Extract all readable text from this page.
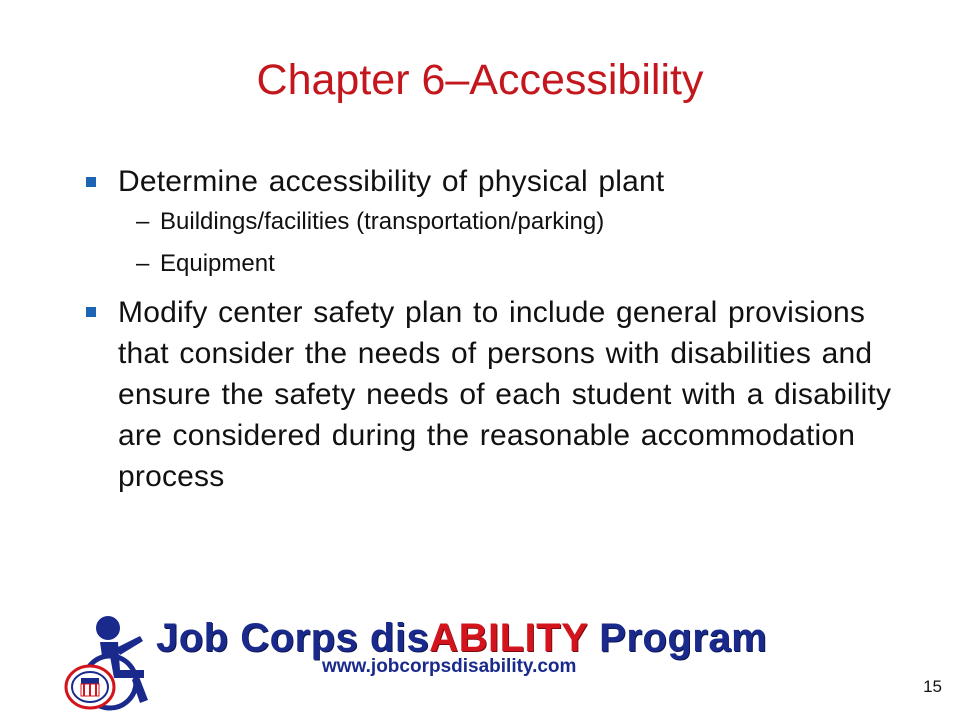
Chapter 6–Accessibility
Determine accessibility of physical plant
– Buildings/facilities (transportation/parking)
– Equipment
Modify center safety plan to include general provisions that consider the needs of persons with disabilities and ensure the safety needs of each student with a disability are considered during the reasonable accommodation process
Job Corps disABILITY Program
www.jobcorpsdisability.com
15
